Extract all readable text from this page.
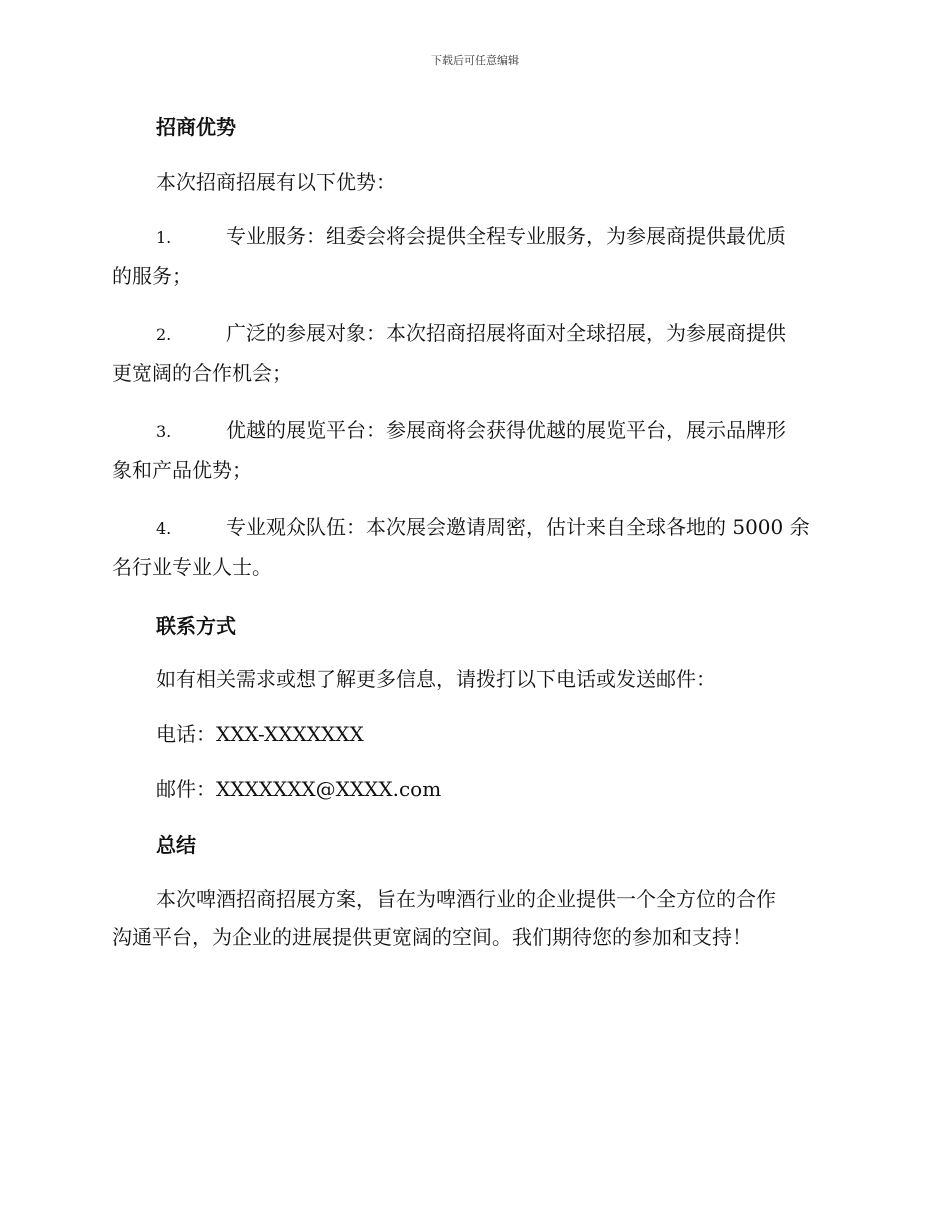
下载后可任意编辑
招商优势
本次招商招展有以下优势：
1.	专业服务：组委会将会提供全程专业服务，为参展商提供最优质
的服务；
2.	广泛的参展对象：本次招商招展将面对全球招展，为参展商提供
更宽阔的合作机会；
3.	优越的展览平台：参展商将会获得优越的展览平台，展示品牌形
象和产品优势；
4.	专业观众队伍：本次展会邀请周密，估计来自全球各地的 5000 余
名行业专业人士。
联系方式
如有相关需求或想了解更多信息，请拨打以下电话或发送邮件：
电话：XXX-XXXXXXX
邮件：XXXXXXX@XXXX.com
总结
本次啤酒招商招展方案，旨在为啤酒行业的企业提供一个全方位的合作
沟通平台，为企业的进展提供更宽阔的空间。我们期待您的参加和支持！
